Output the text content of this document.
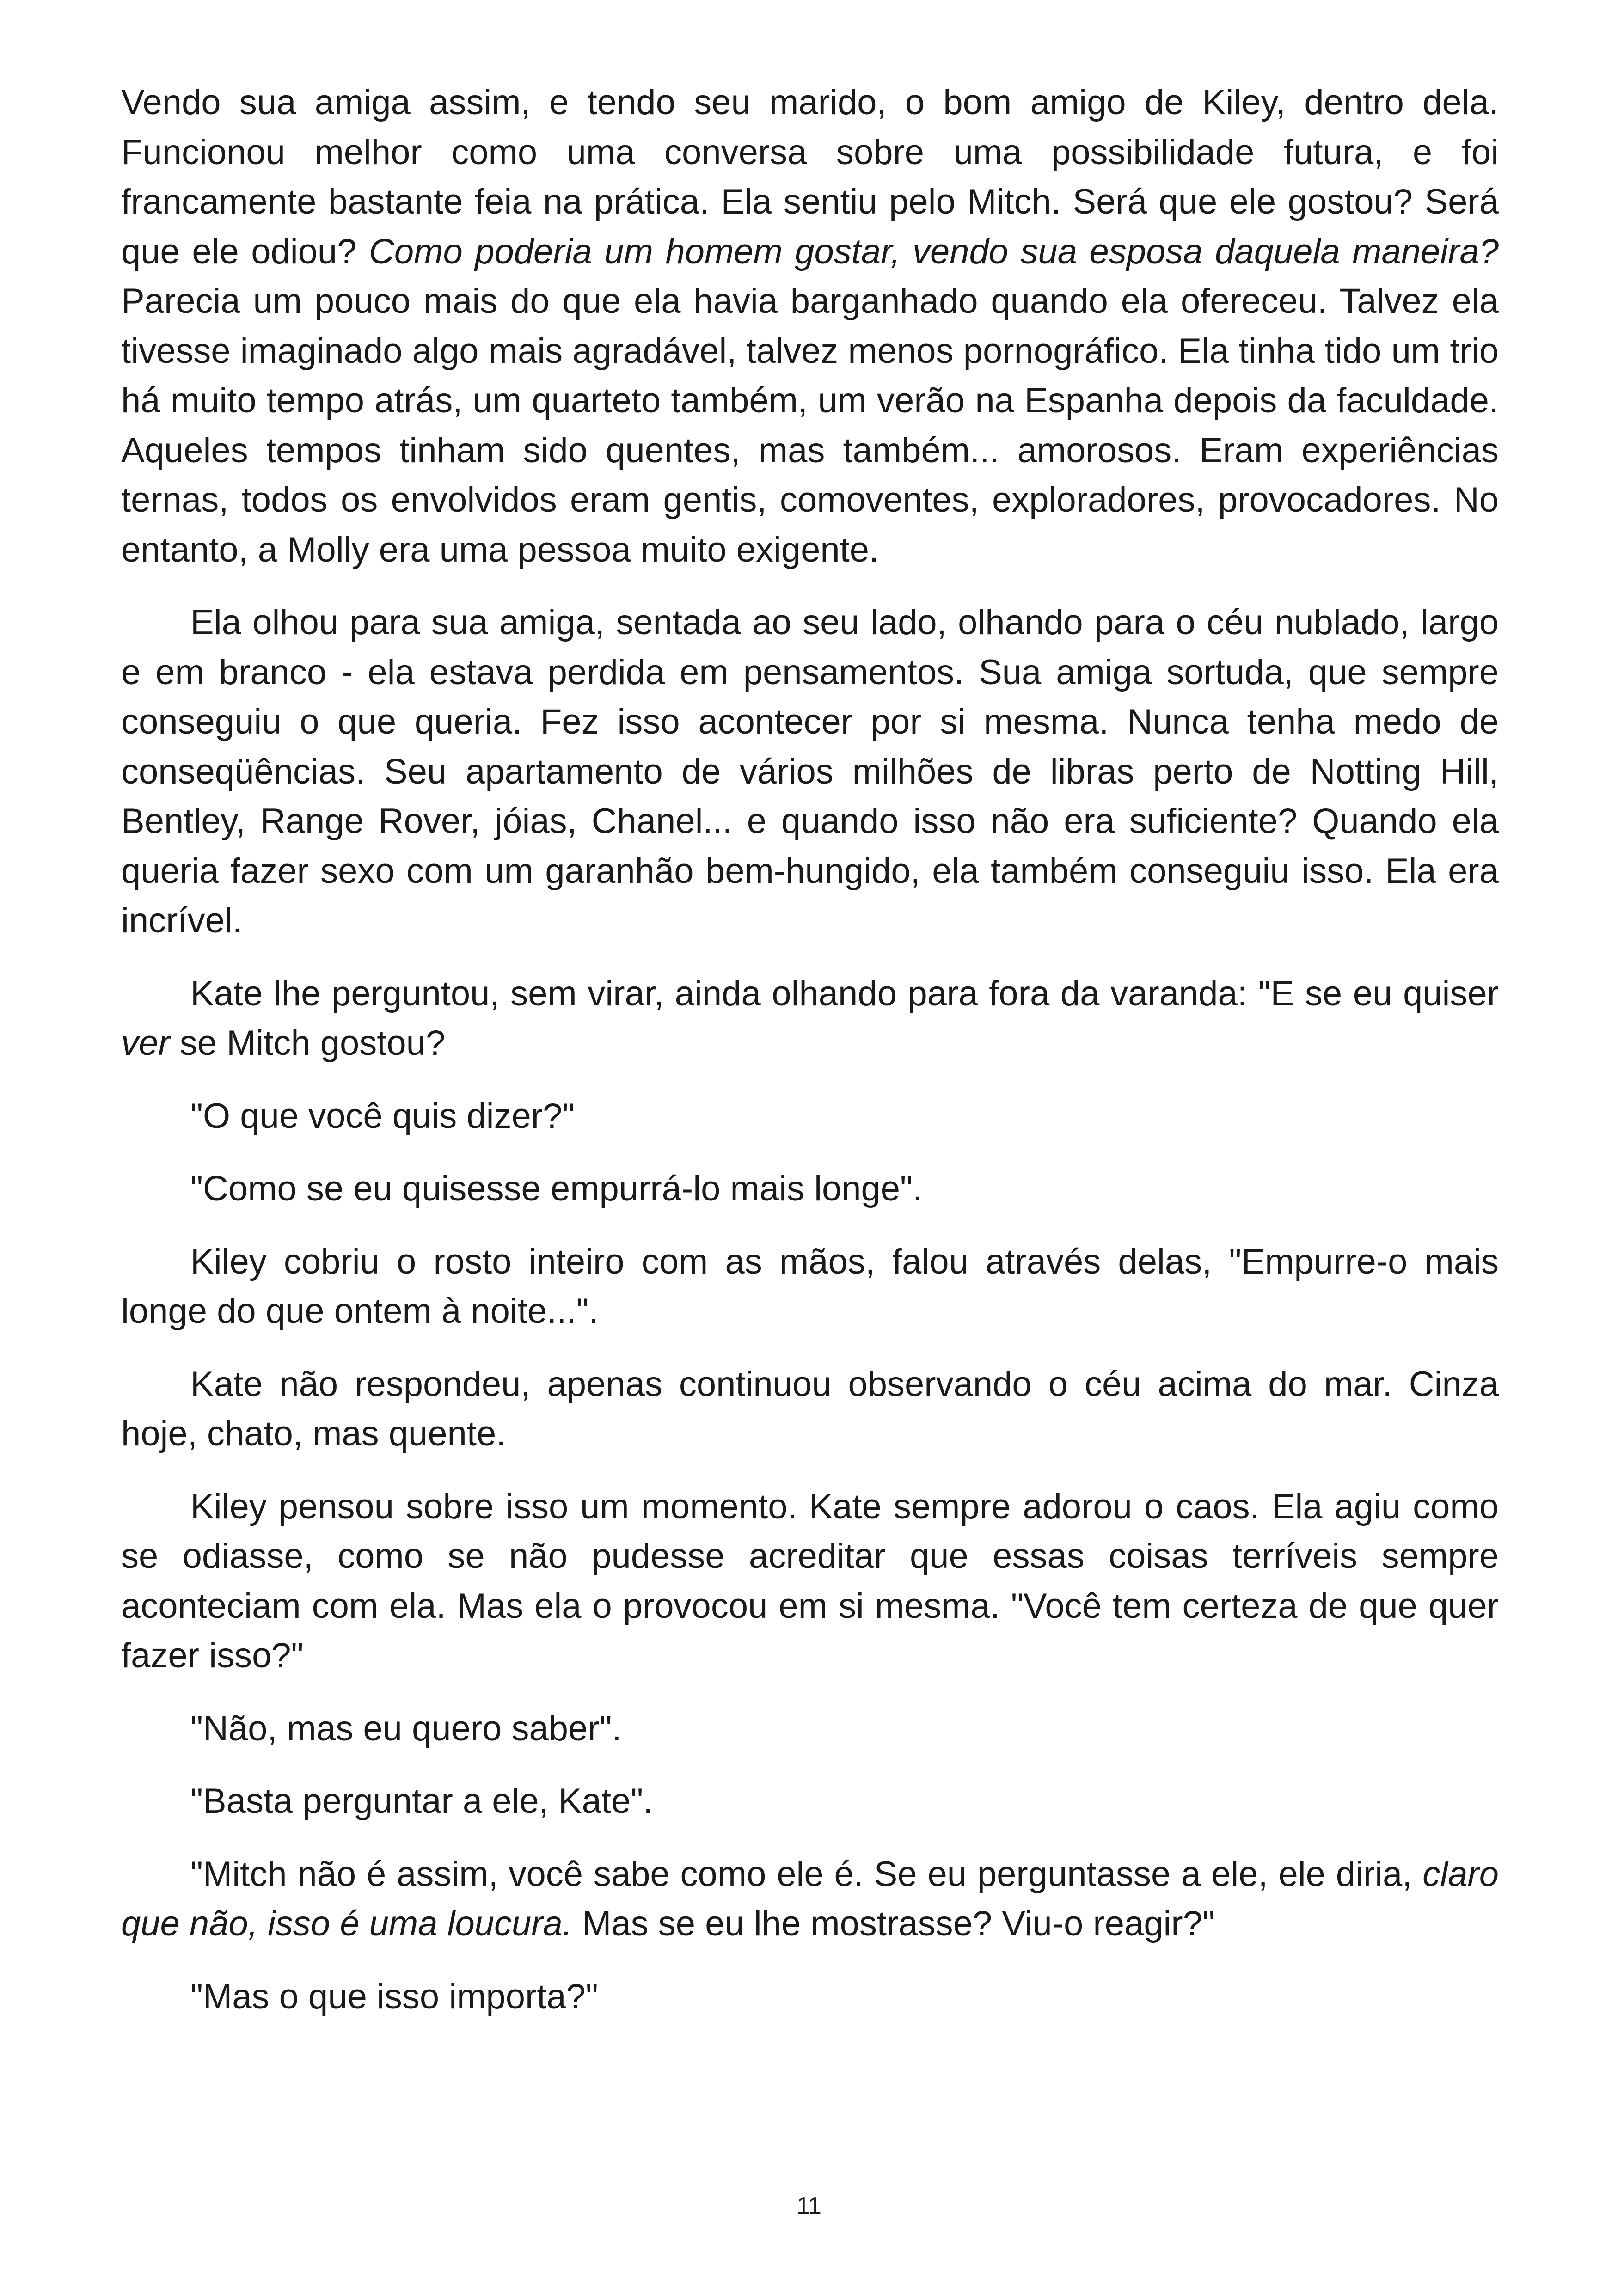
Vendo sua amiga assim, e tendo seu marido, o bom amigo de Kiley, dentro dela. Funcionou melhor como uma conversa sobre uma possibilidade futura, e foi francamente bastante feia na prática. Ela sentiu pelo Mitch. Será que ele gostou? Será que ele odiou? Como poderia um homem gostar, vendo sua esposa daquela maneira? Parecia um pouco mais do que ela havia barganhado quando ela ofereceu. Talvez ela tivesse imaginado algo mais agradável, talvez menos pornográfico. Ela tinha tido um trio há muito tempo atrás, um quarteto também, um verão na Espanha depois da faculdade. Aqueles tempos tinham sido quentes, mas também... amorosos. Eram experiências ternas, todos os envolvidos eram gentis, comoventes, exploradores, provocadores. No entanto, a Molly era uma pessoa muito exigente.

Ela olhou para sua amiga, sentada ao seu lado, olhando para o céu nublado, largo e em branco - ela estava perdida em pensamentos. Sua amiga sortuda, que sempre conseguiu o que queria. Fez isso acontecer por si mesma. Nunca tenha medo de conseqüências. Seu apartamento de vários milhões de libras perto de Notting Hill, Bentley, Range Rover, jóias, Chanel... e quando isso não era suficiente? Quando ela queria fazer sexo com um garanhão bem-hungido, ela também conseguiu isso. Ela era incrível.

Kate lhe perguntou, sem virar, ainda olhando para fora da varanda: "E se eu quiser ver se Mitch gostou?

"O que você quis dizer?"

"Como se eu quisesse empurrá-lo mais longe".

Kiley cobriu o rosto inteiro com as mãos, falou através delas, "Empurre-o mais longe do que ontem à noite...".

Kate não respondeu, apenas continuou observando o céu acima do mar. Cinza hoje, chato, mas quente.

Kiley pensou sobre isso um momento. Kate sempre adorou o caos. Ela agiu como se odiasse, como se não pudesse acreditar que essas coisas terríveis sempre aconteciam com ela. Mas ela o provocou em si mesma. "Você tem certeza de que quer fazer isso?"

"Não, mas eu quero saber".

"Basta perguntar a ele, Kate".

"Mitch não é assim, você sabe como ele é. Se eu perguntasse a ele, ele diria, claro que não, isso é uma loucura. Mas se eu lhe mostrasse? Viu-o reagir?"

"Mas o que isso importa?"

11
